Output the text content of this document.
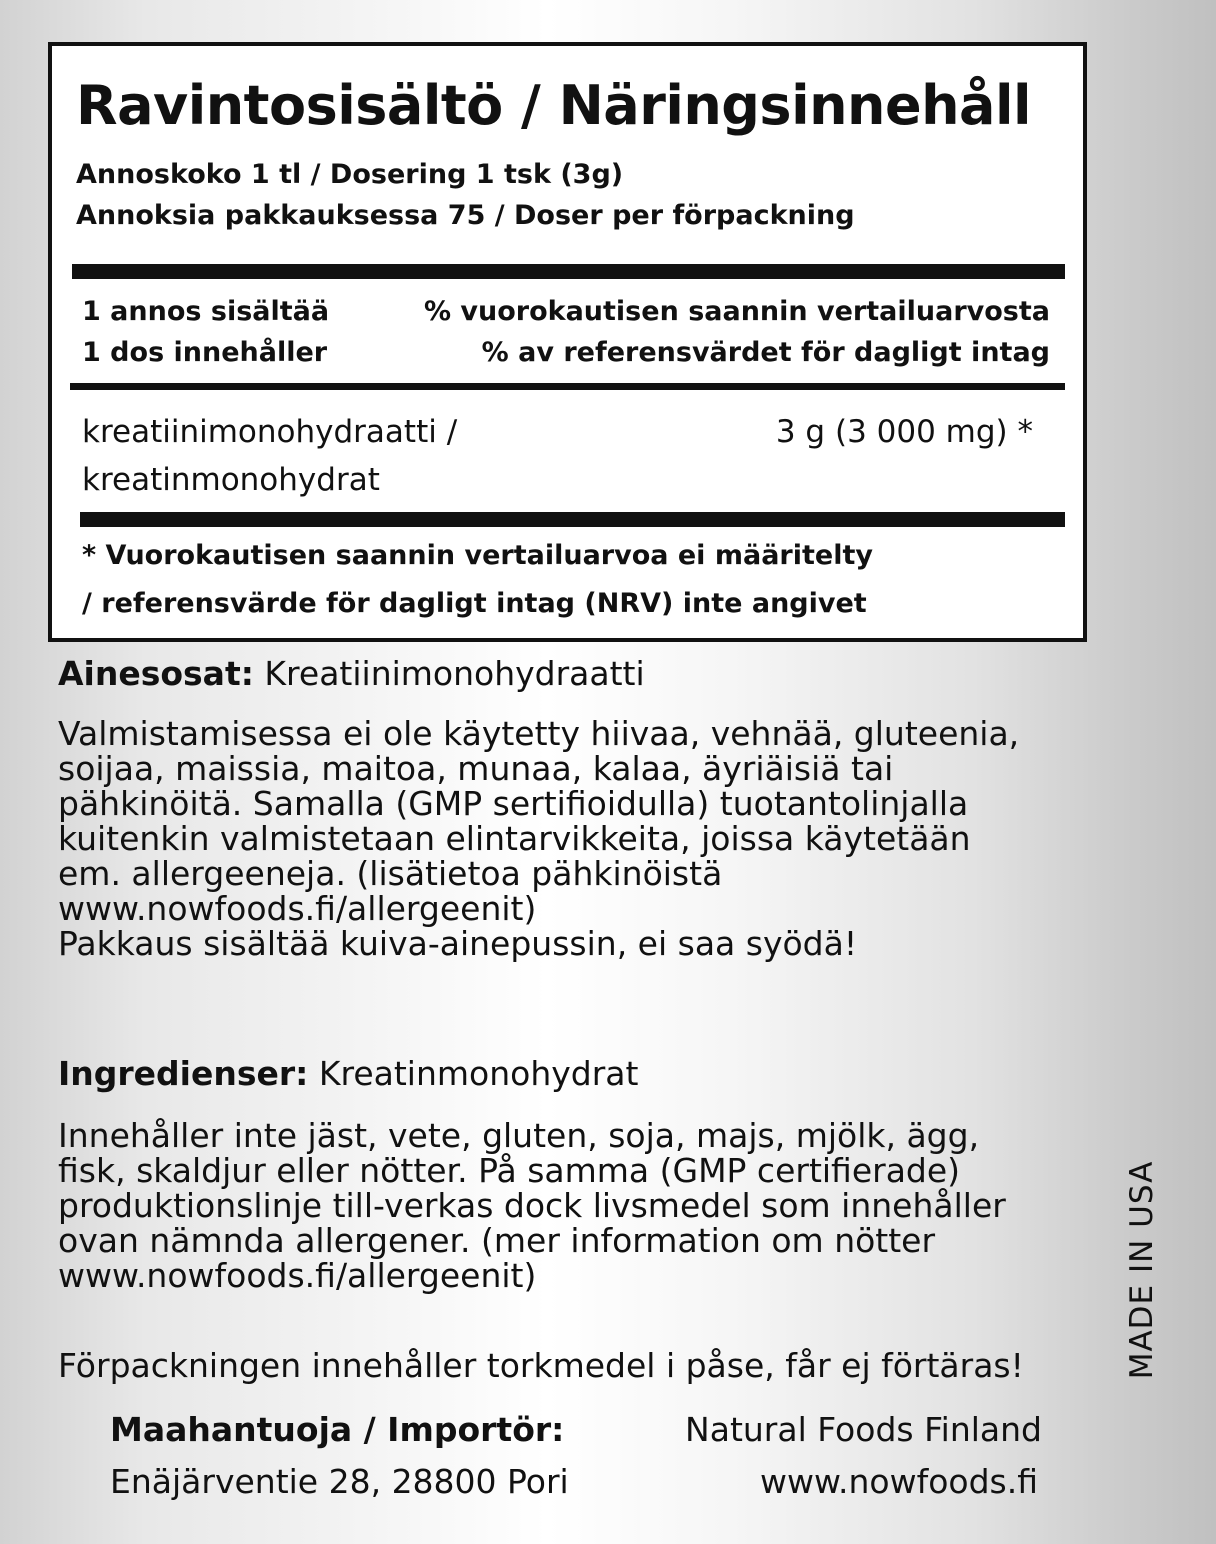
Ravintosisältö / Näringsinnehåll
Annoskoko 1 tl / Dosering 1 tsk (3g)
Annoksia pakkauksessa 75 / Doser per förpackning
1 annos sisältää
1 dos innehåller
% vuorokautisen saannin vertailuarvosta
% av referensvärdet för dagligt intag
kreatiinimonohydraatti /
kreatinmonohydrat
3 g (3 000 mg) *
* Vuorokautisen saannin vertailuarvoa ei määritelty
/ referensvärde för dagligt intag (NRV) inte angivet
Ainesosat: Kreatiinimonohydraatti
Valmistamisessa ei ole käytetty hiivaa, vehnää, gluteenia,
soijaa, maissia, maitoa, munaa, kalaa, äyriäisiä tai
pähkinöitä. Samalla (GMP sertifioidulla) tuotantolinjalla
kuitenkin valmistetaan elintarvikkeita, joissa käytetään
em. allergeeneja. (lisätietoa pähkinöistä
www.nowfoods.fi/allergeenit)
Pakkaus sisältää kuiva-ainepussin, ei saa syödä!
Ingredienser: Kreatinmonohydrat
Innehåller inte jäst, vete, gluten, soja, majs, mjölk, ägg,
fisk, skaldjur eller nötter. På samma (GMP certifierade)
produktionslinje till-verkas dock livsmedel som innehåller
ovan nämnda allergener. (mer information om nötter
www.nowfoods.fi/allergeenit)
Förpackningen innehåller torkmedel i påse, får ej förtäras!
Maahantuoja / Importör:
Enäjärventie 28, 28800 Pori
Natural Foods Finland
www.nowfoods.fi
MADE IN USA
